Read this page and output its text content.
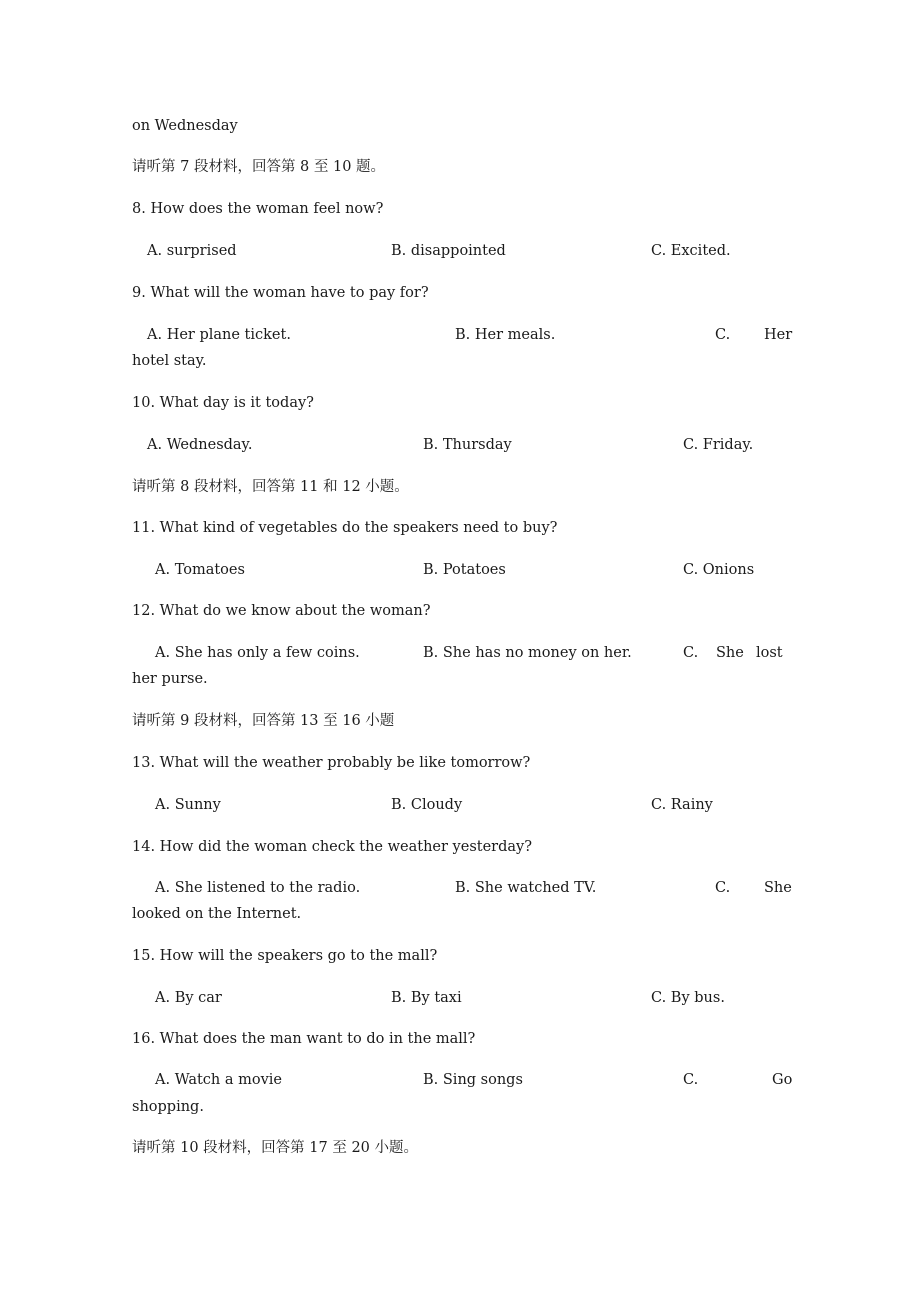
on Wednesday
请听第 7 段材料，回答第 8 至 10 题。
8. How does the woman feel now?
A. surprised	B. disappointed	C. Excited.
9. What will the woman have to pay for?
A. Her plane ticket.	B. Her meals.	C. Her
hotel stay.
10. What day is it today?
A. Wednesday.	B. Thursday	C. Friday.
请听第 8 段材料，回答第 11 和 12 小题。
11. What kind of vegetables do the speakers need to buy?
A. Tomatoes	B. Potatoes	C. Onions
12. What do we know about the woman?
A. She has only a few coins.	B. She has no money on her.	C. She lost
her purse.
请听第 9 段材料，回答第 13 至 16 小题
13. What will the weather probably be like tomorrow?
A. Sunny	B. Cloudy	C. Rainy
14. How did the woman check the weather yesterday?
A. She listened to the radio.	B. She watched TV.	C. She
looked on the Internet.
15. How will the speakers go to the mall?
A. By car	B. By taxi	C. By bus.
16. What does the man want to do in the mall?
A. Watch a movie	B. Sing songs	C.	Go
shopping.
请听第 10 段材料，回答第 17 至 20 小题。
